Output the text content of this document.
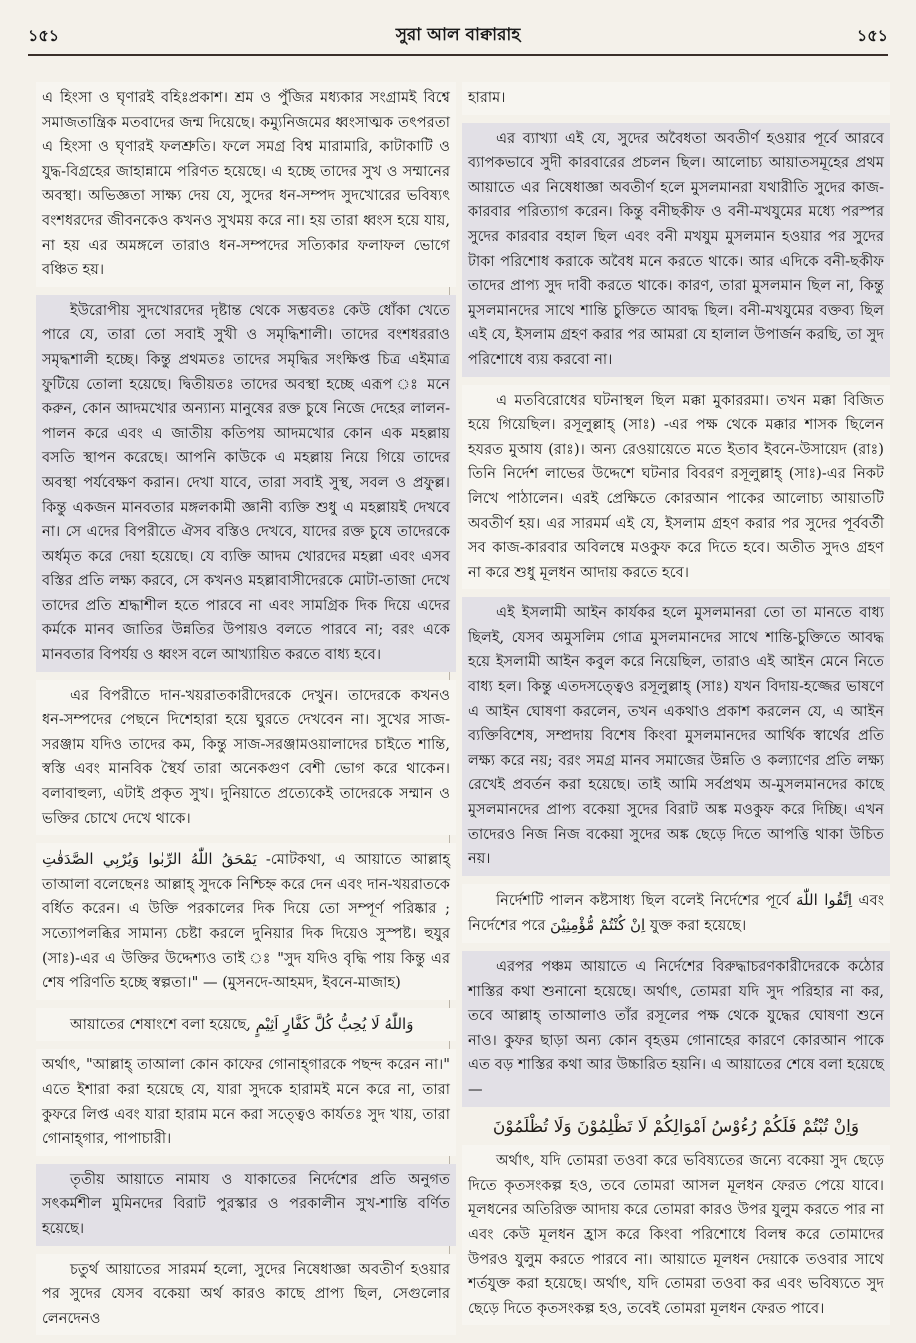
১৫১	সুরা আল বাক্বারাহ	১৫১

এ হিংসা ও ঘৃণারই বহিঃপ্রকাশ। শ্রম ও পুঁজির মধ্যকার সংগ্রামই বিশ্বে সমাজতান্ত্রিক মতবাদের জন্ম দিয়েছে। কম্যুনিজমের ধ্বংসাত্মক তৎপরতা এ হিংসা ও ঘৃণারই ফলশ্রুতি। ফলে সমগ্র বিশ্ব মারামারি, কাটাকাটি ও যুদ্ধ-বিগ্রহের জাহান্নামে পরিণত হয়েছে। এ হচ্ছে তাদের সুখ ও সম্মানের অবস্থা। অভিজ্ঞতা সাক্ষ্য দেয় যে, সুদের ধন-সম্পদ সুদখোরের ভবিষ্যৎ বংশধরদের জীবনকেও কখনও সুখময় করে না। হয় তারা ধ্বংস হয়ে যায়, না হয় এর অমঙ্গলে তারাও ধন-সম্পদের সত্যিকার ফলাফল ভোগে বঞ্চিত হয়।

ইউরোপীয় সুদখোরদের দৃষ্টান্ত থেকে সম্ভবতঃ কেউ ধোঁকা খেতে পারে যে, তারা তো সবাই সুখী ও সমৃদ্ধিশালী। তাদের বংশধররাও সমৃদ্ধশালী হচ্ছে। কিন্তু প্রথমতঃ তাদের সমৃদ্ধির সংক্ষিপ্ত চিত্র এইমাত্র ফুটিয়ে তোলা হয়েছে। দ্বিতীয়তঃ তাদের অবস্থা হচ্ছে এরূপ ঃ মনে করুন, কোন আদমখোর অন্যান্য মানুষের রক্ত চুষে নিজে দেহের লালন-পালন করে এবং এ জাতীয় কতিপয় আদমখোর কোন এক মহল্লায় বসতি স্থাপন করেছে। আপনি কাউকে এ মহল্লায় নিয়ে গিয়ে তাদের অবস্থা পর্যবেক্ষণ করান। দেখা যাবে, তারা সবাই সুস্থ, সবল ও প্রফুল্ল। কিন্তু একজন মানবতার মঙ্গলকামী জ্ঞানী ব্যক্তি শুধু এ মহল্লায়ই দেখবে না। সে এদের বিপরীতে ঐসব বস্তিও দেখবে, যাদের রক্ত চুষে তাদেরকে অর্ধমৃত করে দেয়া হয়েছে। যে ব্যক্তি আদম খোরদের মহল্লা এবং এসব বস্তির প্রতি লক্ষ্য করবে, সে কখনও মহল্লাবাসীদেরকে মোটা-তাজা দেখে তাদের প্রতি শ্রদ্ধাশীল হতে পারবে না এবং সামগ্রিক দিক দিয়ে এদের কর্মকে মানব জাতির উন্নতির উপায়ও বলতে পারবে না; বরং একে মানবতার বিপর্যয় ও ধ্বংস বলে আখ্যায়িত করতে বাধ্য হবে।

এর বিপরীতে দান-খয়রাতকারীদেরকে দেখুন। তাদেরকে কখনও ধন-সম্পদের পেছনে দিশেহারা হয়ে ঘুরতে দেখবেন না। সুখের সাজ-সরঞ্জাম যদিও তাদের কম, কিন্তু সাজ-সরঞ্জামওয়ালাদের চাইতে শান্তি, স্বস্তি এবং মানবিক স্থৈর্য তারা অনেকগুণ বেশী ভোগ করে থাকেন। বলাবাহুল্য, এটাই প্রকৃত সুখ। দুনিয়াতে প্রত্যেকেই তাদেরকে সম্মান ও ভক্তির চোখে দেখে থাকে।

يَمْحَقُ اللّٰهُ الرِّبٰوا وَيُرْبِي الصَّدَقٰتِ -মোটকথা, এ আয়াতে আল্লাহ্ তাআলা বলেছেনঃ আল্লাহ্ সুদকে নিশ্চিহ্ন করে দেন এবং দান-খয়রাতকে বর্ধিত করেন। এ উক্তি পরকালের দিক দিয়ে তো সম্পূর্ণ পরিষ্কার ; সত্যোপলব্ধির সামান্য চেষ্টা করলে দুনিয়ার দিক দিয়েও সুস্পষ্ট। হুযুর (সাঃ)-এর এ উক্তির উদ্দেশ্যও তাই ঃ "সুদ যদিও বৃদ্ধি পায় কিন্তু এর শেষ পরিণতি হচ্ছে স্বল্পতা।" — (মুসনদে-আহমদ, ইবনে-মাজাহ)
আয়াতের শেষাংশে বলা হয়েছে, وَاللّٰهُ لَا يُحِبُّ كُلَّ كَفَّارٍ اَثِيْمٍ

অর্থাৎ, "আল্লাহ্ তাআলা কোন কাফের গোনাহ্‌গারকে পছন্দ করেন না।" এতে ইশারা করা হয়েছে যে, যারা সুদকে হারামই মনে করে না, তারা কুফরে লিপ্ত এবং যারা হারাম মনে করা সত্ত্বেও কার্যতঃ সুদ খায়, তারা গোনাহ্‌গার, পাপাচারী।

তৃতীয় আয়াতে নামায ও যাকাতের নির্দেশের প্রতি অনুগত সৎকর্মশীল মুমিনদের বিরাট পুরস্কার ও পরকালীন সুখ-শান্তি বর্ণিত হয়েছে।

চতুর্থ আয়াতের সারমর্ম হলো, সুদের নিষেধাজ্ঞা অবতীর্ণ হওয়ার পর সুদের যেসব বকেয়া অর্থ কারও কাছে প্রাপ্য ছিল, সেগুলোর লেনদেনও

হারাম।

এর ব্যাখ্যা এই যে, সুদের অবৈধতা অবতীর্ণ হওয়ার পূর্বে আরবে ব্যাপকভাবে সুদী কারবারের প্রচলন ছিল। আলোচ্য আয়াতসমূহের প্রথম আয়াতে এর নিষেধাজ্ঞা অবতীর্ণ হলে মুসলমানরা যথারীতি সুদের কাজ-কারবার পরিত্যাগ করেন। কিন্তু বনীছকীফ ও বনী-মখযুমের মধ্যে পরস্পর সুদের কারবার বহাল ছিল এবং বনী মখযুম মুসলমান হওয়ার পর সুদের টাকা পরিশোধ করাকে অবৈধ মনে করতে থাকে। আর এদিকে বনী-ছকীফ তাদের প্রাপ্য সুদ দাবী করতে থাকে। কারণ, তারা মুসলমান ছিল না, কিন্তু মুসলমানদের সাথে শান্তি চুক্তিতে আবদ্ধ ছিল। বনী-মখযুমের বক্তব্য ছিল এই যে, ইসলাম গ্রহণ করার পর আমরা যে হালাল উপার্জন করছি, তা সুদ পরিশোধে ব্যয় করবো না।

এ মতবিরোধের ঘটনাস্থল ছিল মক্কা মুকাররমা। তখন মক্কা বিজিত হয়ে গিয়েছিল। রসূলুল্লাহ্ (সাঃ) -এর পক্ষ থেকে মক্কার শাসক ছিলেন হযরত মুআয (রাঃ)। অন্য রেওয়ায়েতে মতে ইতাব ইবনে-উসায়েদ (রাঃ) তিনি নির্দেশ লাভের উদ্দেশে ঘটনার বিবরণ রসূলুল্লাহ্ (সাঃ)-এর নিকট লিখে পাঠালেন। এরই প্রেক্ষিতে কোরআন পাকের আলোচ্য আয়াতটি অবতীর্ণ হয়। এর সারমর্ম এই যে, ইসলাম গ্রহণ করার পর সুদের পূর্ববর্তী সব কাজ-কারবার অবিলম্বে মওকুফ করে দিতে হবে। অতীত সুদও গ্রহণ না করে শুধু মূলধন আদায় করতে হবে।

এই ইসলামী আইন কার্যকর হলে মুসলমানরা তো তা মানতে বাধ্য ছিলই, যেসব অমুসলিম গোত্র মুসলমানদের সাথে শান্তি-চুক্তিতে আবদ্ধ হয়ে ইসলামী আইন কবুল করে নিয়েছিল, তারাও এই আইন মেনে নিতে বাধ্য হল। কিন্তু এতদসত্ত্বেও রসূলুল্লাহ্ (সাঃ) যখন বিদায়-হজ্জের ভাষণে এ আইন ঘোষণা করলেন, তখন একথাও প্রকাশ করলেন যে, এ আইন ব্যক্তিবিশেষ, সম্প্রদায় বিশেষ কিংবা মুসলমানদের আর্থিক স্বার্থের প্রতি লক্ষ্য করে নয়; বরং সমগ্র মানব সমাজের উন্নতি ও কল্যাণের প্রতি লক্ষ্য রেখেই প্রবর্তন করা হয়েছে। তাই আমি সর্বপ্রথম অ-মুসলমানদের কাছে মুসলমানদের প্রাপ্য বকেয়া সুদের বিরাট অঙ্ক মওকুফ করে দিচ্ছি। এখন তাদেরও নিজ নিজ বকেয়া সুদের অঙ্ক ছেড়ে দিতে আপত্তি থাকা উচিত নয়।

নির্দেশটি পালন কষ্টসাধ্য ছিল বলেই নির্দেশের পূর্বে اِتَّقُوا اللّٰهَ এবং নির্দেশের পরে اِنْ كُنْتُمْ مُّؤْمِنِيْنَ যুক্ত করা হয়েছে।

এরপর পঞ্চম আয়াতে এ নির্দেশের বিরুদ্ধাচরণকারীদেরকে কঠোর শাস্তির কথা শুনানো হয়েছে। অর্থাৎ, তোমরা যদি সুদ পরিহার না কর, তবে আল্লাহ্ তাআলাও তাঁর রসূলের পক্ষ থেকে যুদ্ধের ঘোষণা শুনে নাও। কুফর ছাড়া অন্য কোন বৃহত্তম গোনাহের কারণে কোরআন পাকে এত বড় শাস্তির কথা আর উচ্চারিত হয়নি। এ আয়াতের শেষে বলা হয়েছে—

وَاِنْ تُبْتُمْ فَلَكُمْ رُءُوْسُ اَمْوَالِكُمْ لَا تَظْلِمُوْنَ وَلَا تُظْلَمُوْنَ

অর্থাৎ, যদি তোমরা তওবা করে ভবিষ্যতের জন্যে বকেয়া সুদ ছেড়ে দিতে কৃতসংকল্প হও, তবে তোমরা আসল মূলধন ফেরত পেয়ে যাবে। মূলধনের অতিরিক্ত আদায় করে তোমরা কারও উপর যুলুম করতে পার না এবং কেউ মূলধন হ্রাস করে কিংবা পরিশোধে বিলম্ব করে তোমাদের উপরও যুলুম করতে পারবে না। আয়াতে মূলধন দেয়াকে তওবার সাথে শর্তযুক্ত করা হয়েছে। অর্থাৎ, যদি তোমরা তওবা কর এবং ভবিষ্যতে সুদ ছেড়ে দিতে কৃতসংকল্প হও, তবেই তোমরা মূলধন ফেরত পাবে।
